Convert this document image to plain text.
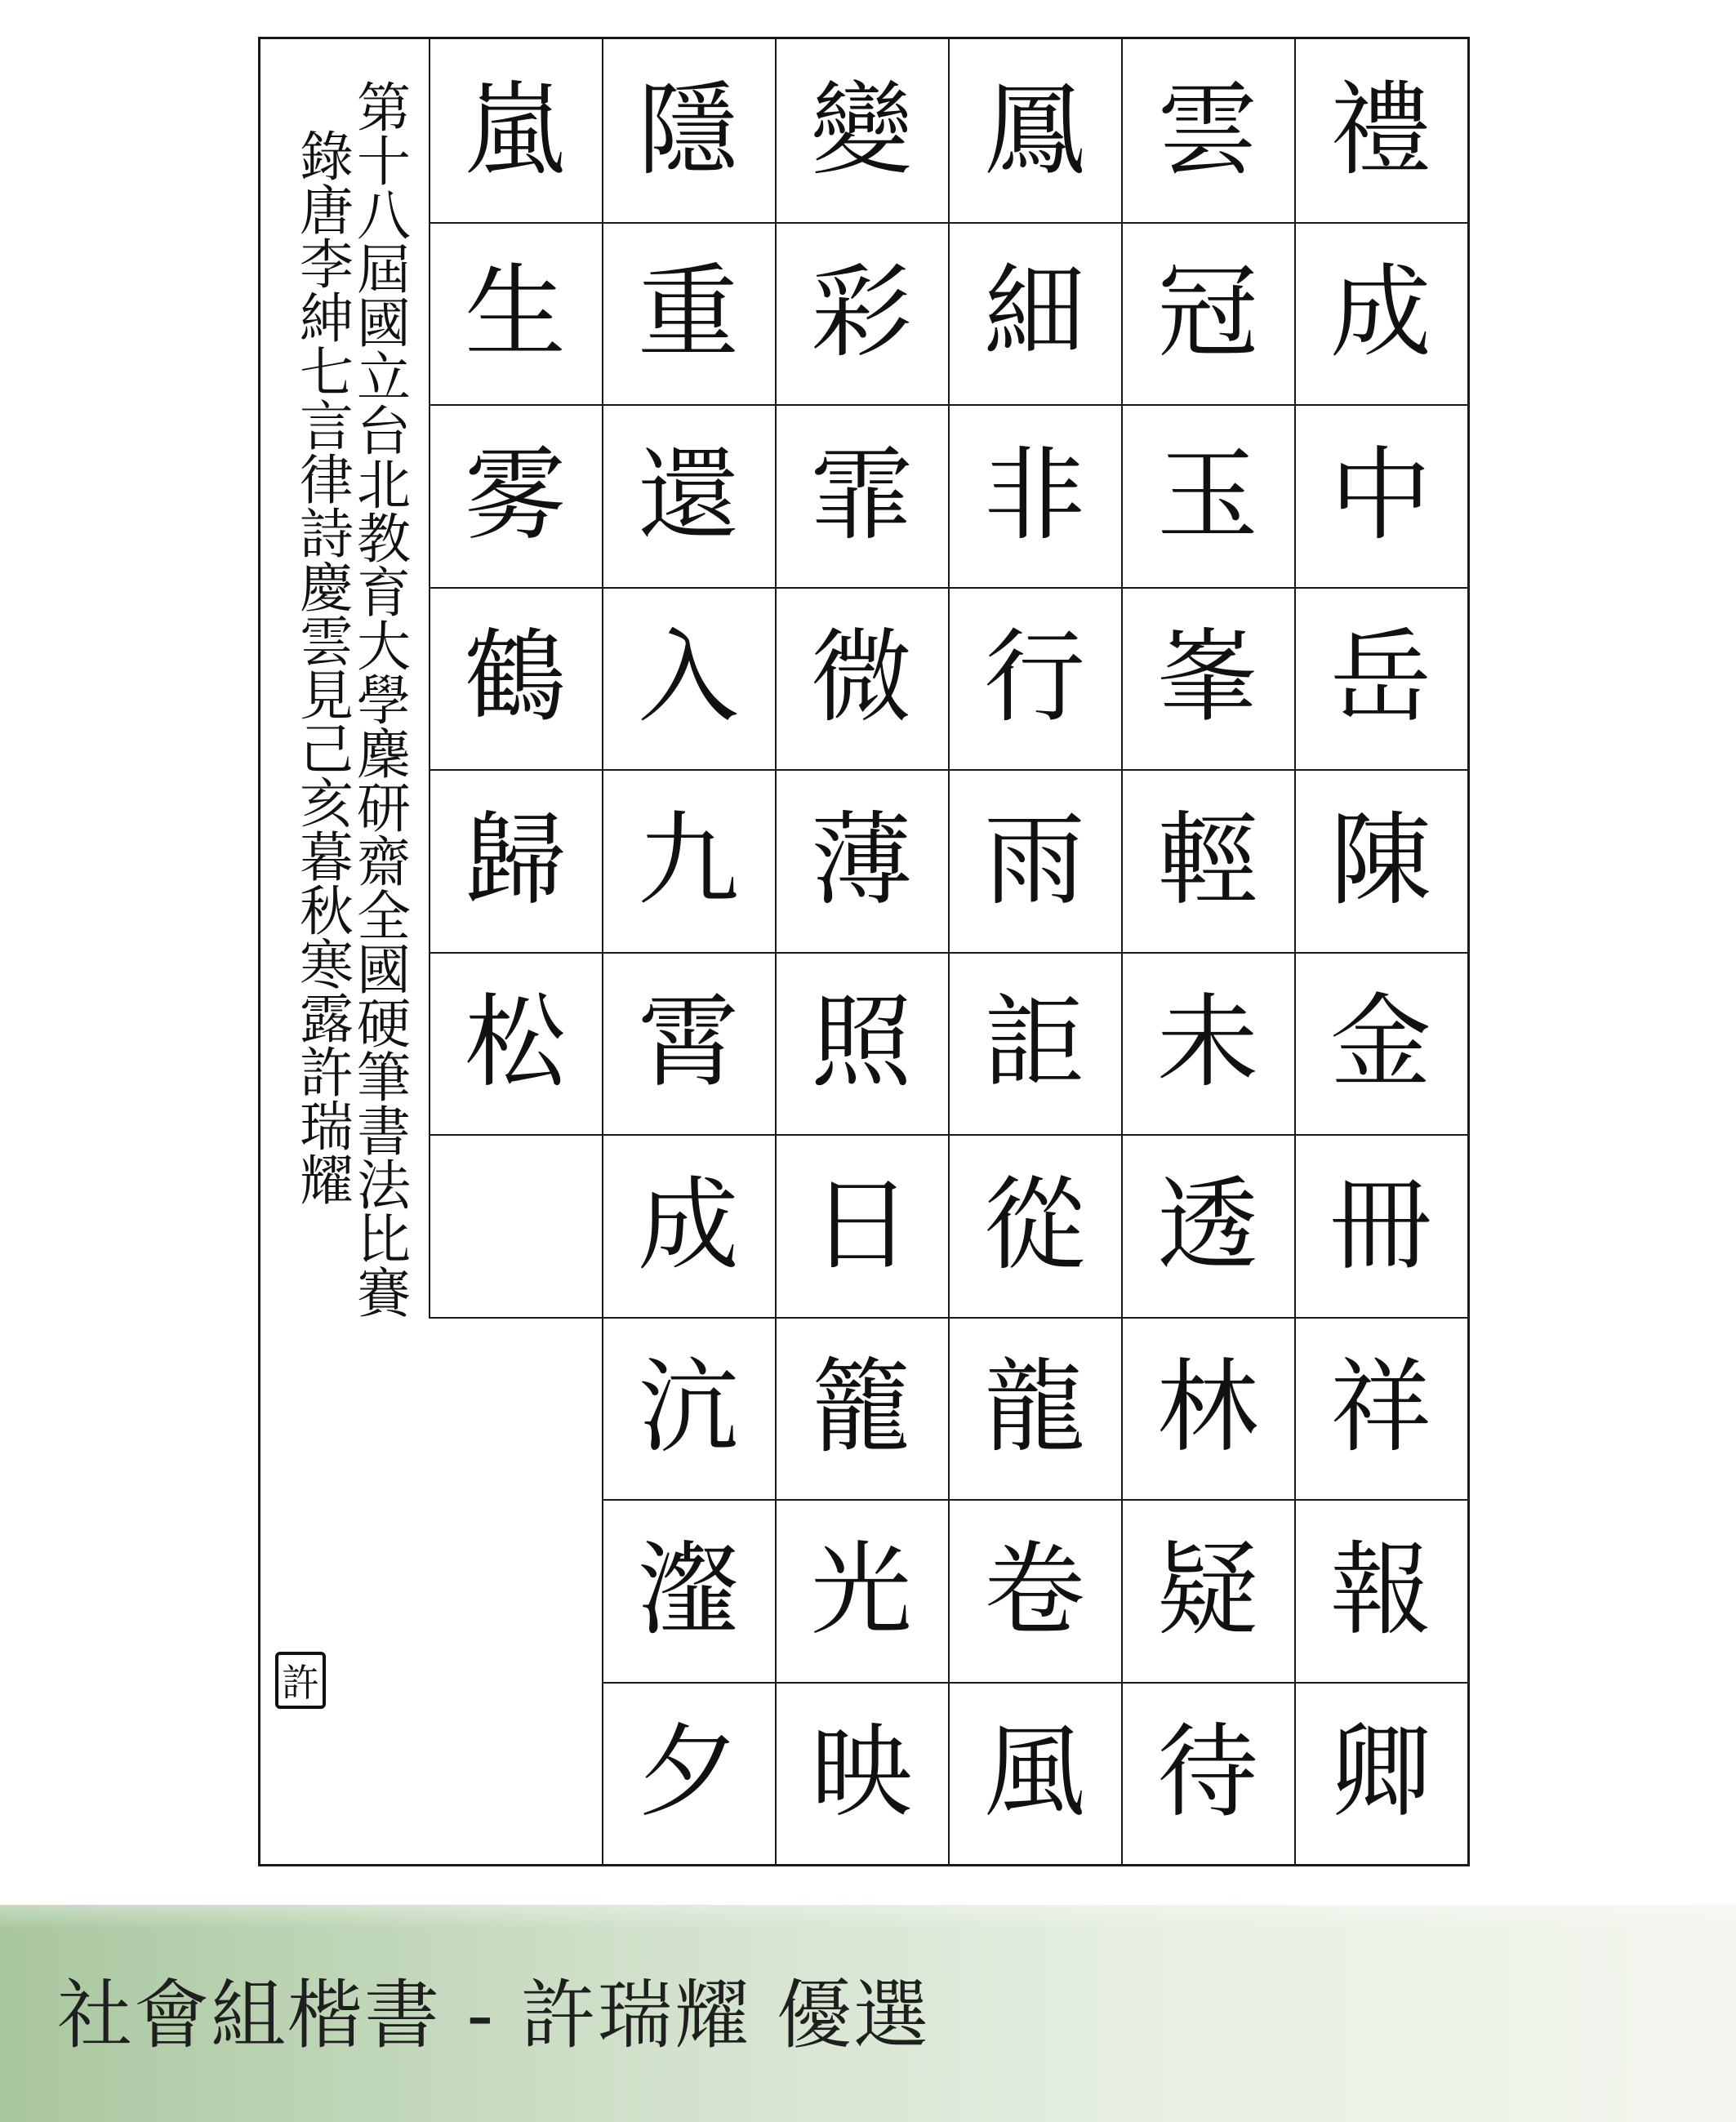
第
十
八
屆
國
立
台
北
教
育
大
學
麇
研
齋
全
國
硬
筆
書
法
比
賽
錄
唐
李
紳
七
言
律
詩
慶
雲
見
己
亥
暮
秋
寒
露
許
瑞
耀
許
禮
成
中
岳
陳
金
冊
祥
報
卿
雲
冠
玉
峯
輕
未
透
林
疑
待
鳳
細
非
行
雨
詎
從
龍
卷
風
變
彩
霏
微
薄
照
日
籠
光
映
隱
重
還
入
九
霄
成
沆
瀣
夕
嵐
生
雾
鶴
歸
松
社會組楷書 - 許瑞耀 優選
